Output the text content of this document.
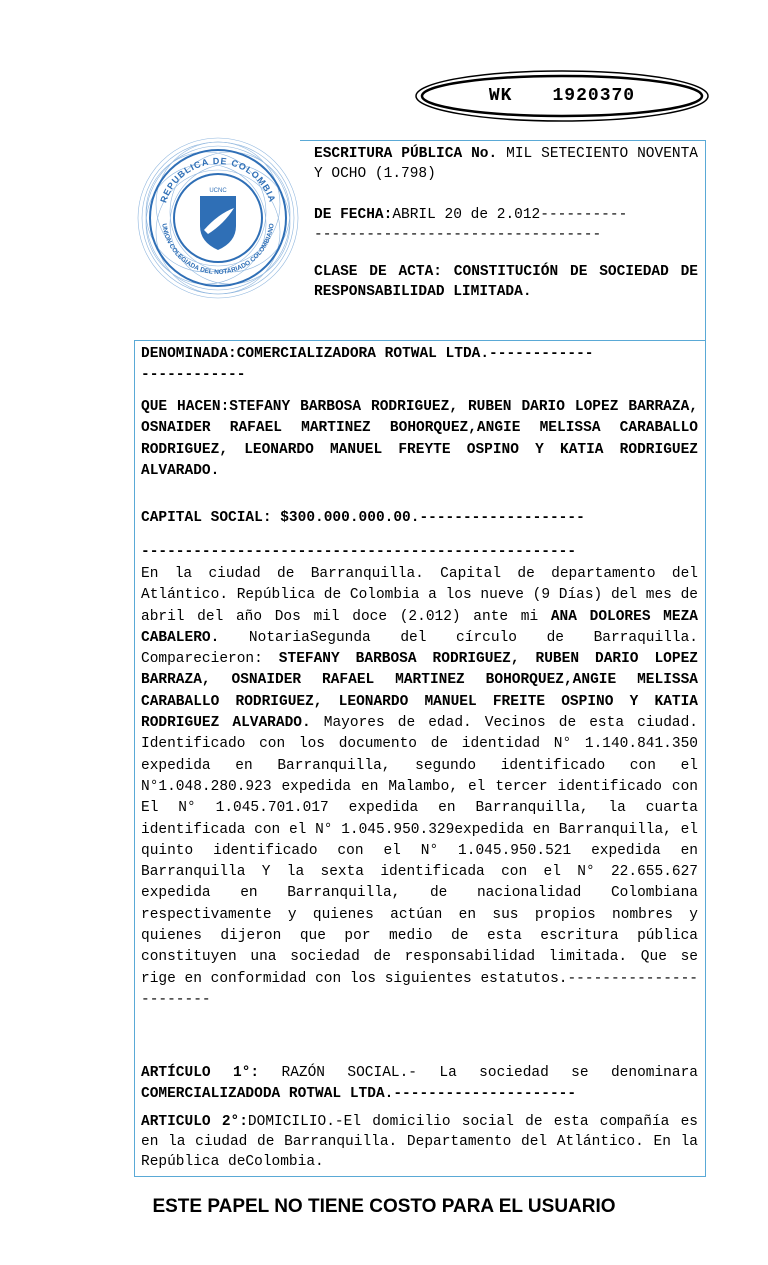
WK 1920370
REPUBLICA DE COLOMBIA
UNION COLEGIADA DEL NOTARIADO COLOMBIANO
UCNC
ESCRITURA PÚBLICA No. MIL SETECIENTO NOVENTA Y OCHO (1.798)
DE FECHA:ABRIL 20 de 2.012----------
---------------------------------
CLASE DE ACTA: CONSTITUCIÓN DE SOCIEDAD DE RESPONSABILIDAD LIMITADA.
DENOMINADA:COMERCIALIZADORA ROTWAL LTDA.------------
------------
QUE HACEN:STEFANY BARBOSA RODRIGUEZ, RUBEN DARIO LOPEZ BARRAZA, OSNAIDER RAFAEL MARTINEZ BOHORQUEZ,ANGIE MELISSA CARABALLO RODRIGUEZ, LEONARDO MANUEL FREYTE OSPINO Y KATIA RODRIGUEZ ALVARADO.
CAPITAL SOCIAL: $300.000.000.00.-------------------
--------------------------------------------------
En la ciudad de Barranquilla. Capital de departamento del Atlántico. República de Colombia a los nueve (9 Días) del mes de abril del año Dos mil doce (2.012) ante mi ANA DOLORES MEZA CABALERO. NotariaSegunda del círculo de Barraquilla. Comparecieron: STEFANY BARBOSA RODRIGUEZ, RUBEN DARIO LOPEZ BARRAZA, OSNAIDER RAFAEL MARTINEZ BOHORQUEZ,ANGIE MELISSA CARABALLO RODRIGUEZ, LEONARDO MANUEL FREITE OSPINO Y KATIA RODRIGUEZ ALVARADO. Mayores de edad. Vecinos de esta ciudad. Identificado con los documento de identidad N° 1.140.841.350 expedida en Barranquilla, segundo identificado con el N°1.048.280.923 expedida en Malambo, el tercer identificado con El N° 1.045.701.017 expedida en Barranquilla, la cuarta identificada con el N° 1.045.950.329expedida en Barranquilla, el quinto identificado con el N° 1.045.950.521 expedida en Barranquilla Y la sexta identificada con el N° 22.655.627 expedida en Barranquilla, de nacionalidad Colombiana respectivamente y quienes actúan en sus propios nombres y quienes dijeron que por medio de esta escritura pública constituyen una sociedad de responsabilidad limitada. Que se rige en conformidad con los siguientes estatutos.-----------------------
ARTÍCULO 1°: RAZÓN SOCIAL.- La sociedad se denominara COMERCIALIZADODA ROTWAL LTDA.---------------------
ARTICULO 2°:DOMICILIO.-El domicilio social de esta compañía es en la ciudad de Barranquilla. Departamento del Atlántico. En la República deColombia.
ESTE PAPEL NO TIENE COSTO PARA EL USUARIO
